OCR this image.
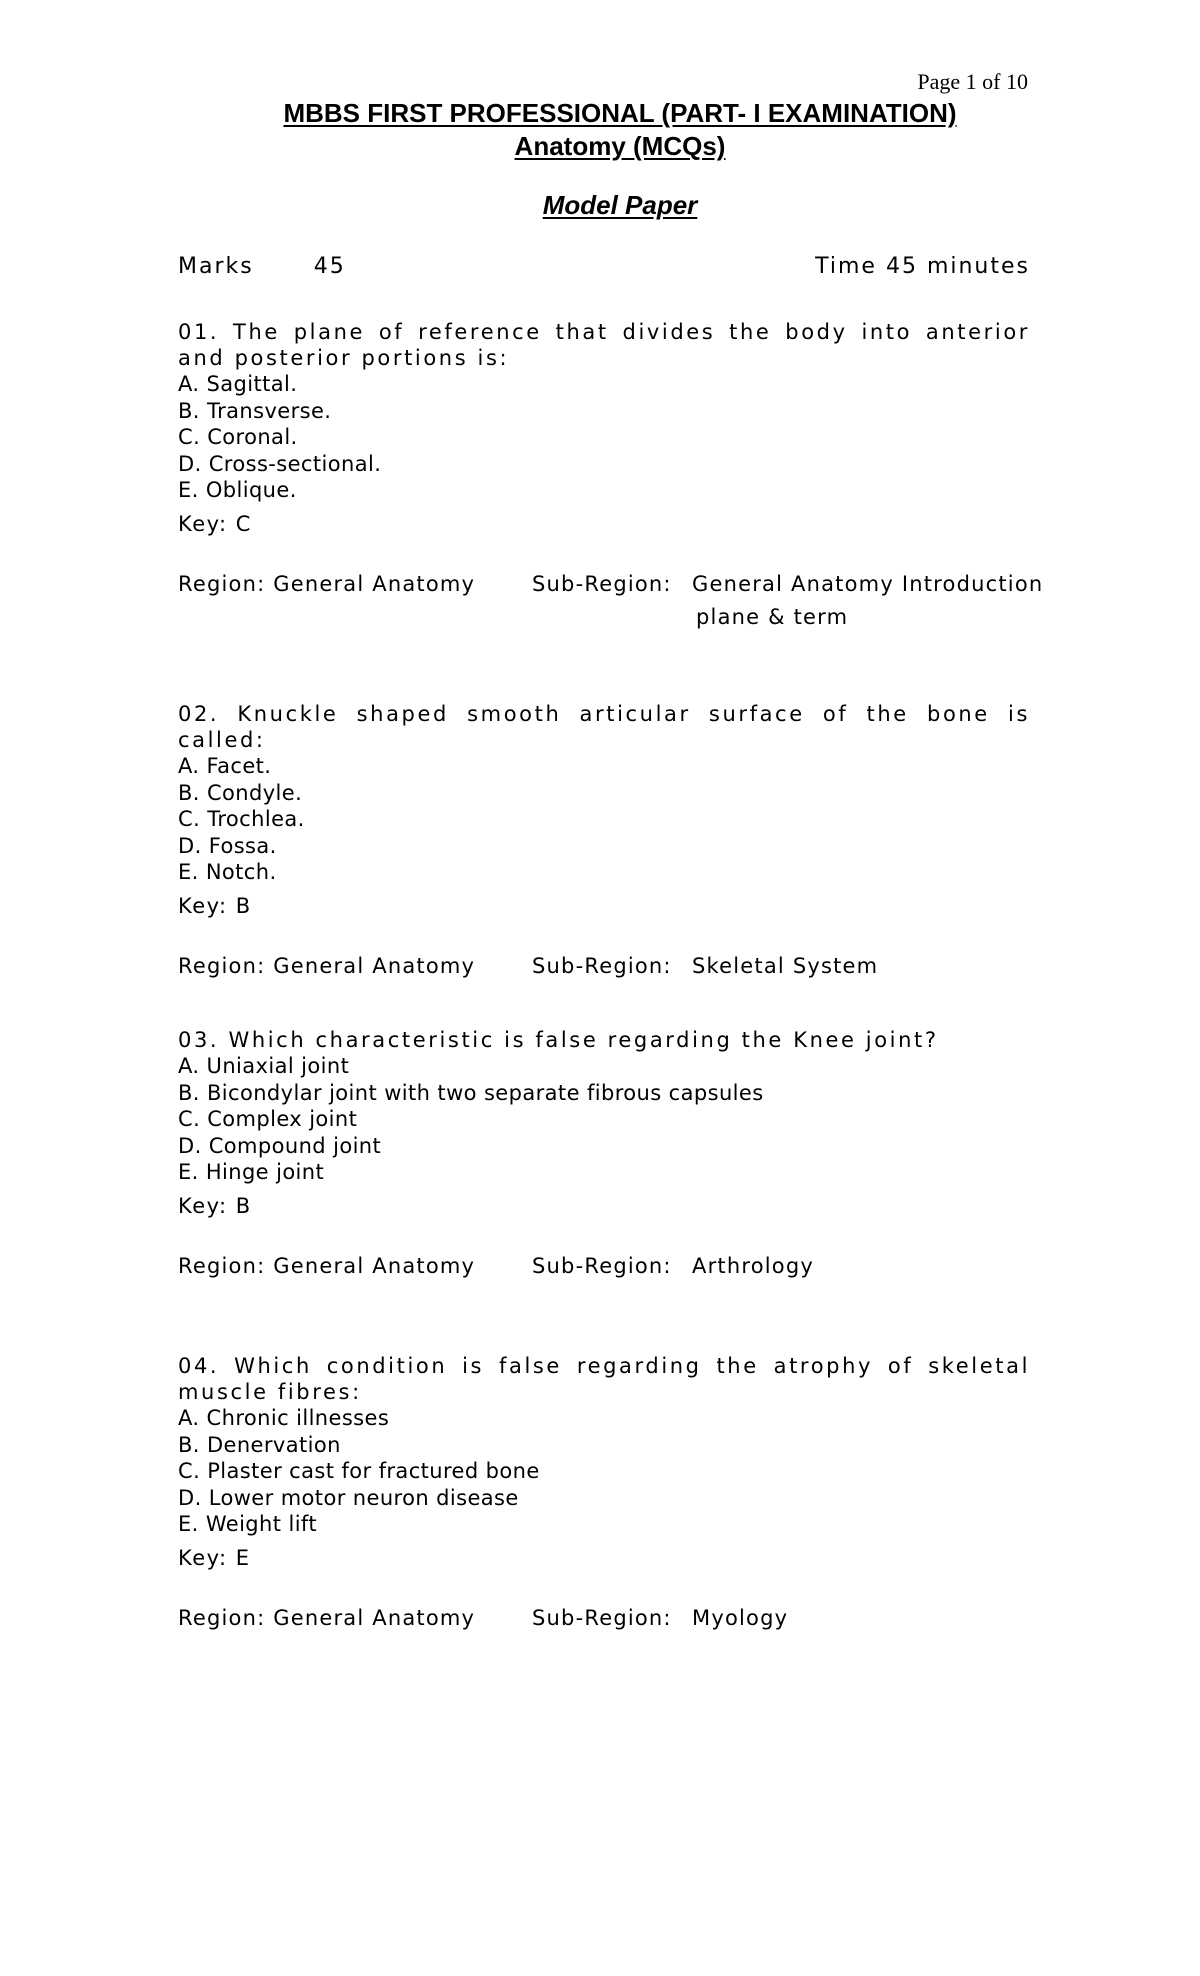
Page 1 of 10
MBBS FIRST PROFESSIONAL (PART- I EXAMINATION)
Anatomy (MCQs)
Model Paper
Marks	45	Time 45 minutes
01. The plane of reference that divides the body into anterior and posterior portions is:
A. Sagittal.
B. Transverse.
C. Coronal.
D. Cross-sectional.
E. Oblique.
Key: C
Region: General Anatomy	Sub-Region: General Anatomy Introduction
plane & term
02. Knuckle shaped smooth articular surface of the bone is called:
A. Facet.
B. Condyle.
C. Trochlea.
D. Fossa.
E. Notch.
Key: B
Region: General Anatomy	Sub-Region: Skeletal System
03. Which characteristic is false regarding the Knee joint?
A. Uniaxial joint
B. Bicondylar joint with two separate fibrous capsules
C. Complex joint
D. Compound joint
E. Hinge joint
Key: B
Region: General Anatomy	Sub-Region: Arthrology
04. Which condition is false regarding the atrophy of skeletal muscle fibres:
A. Chronic illnesses
B. Denervation
C. Plaster cast for fractured bone
D. Lower motor neuron disease
E. Weight lift
Key: E
Region: General Anatomy	Sub-Region: Myology
